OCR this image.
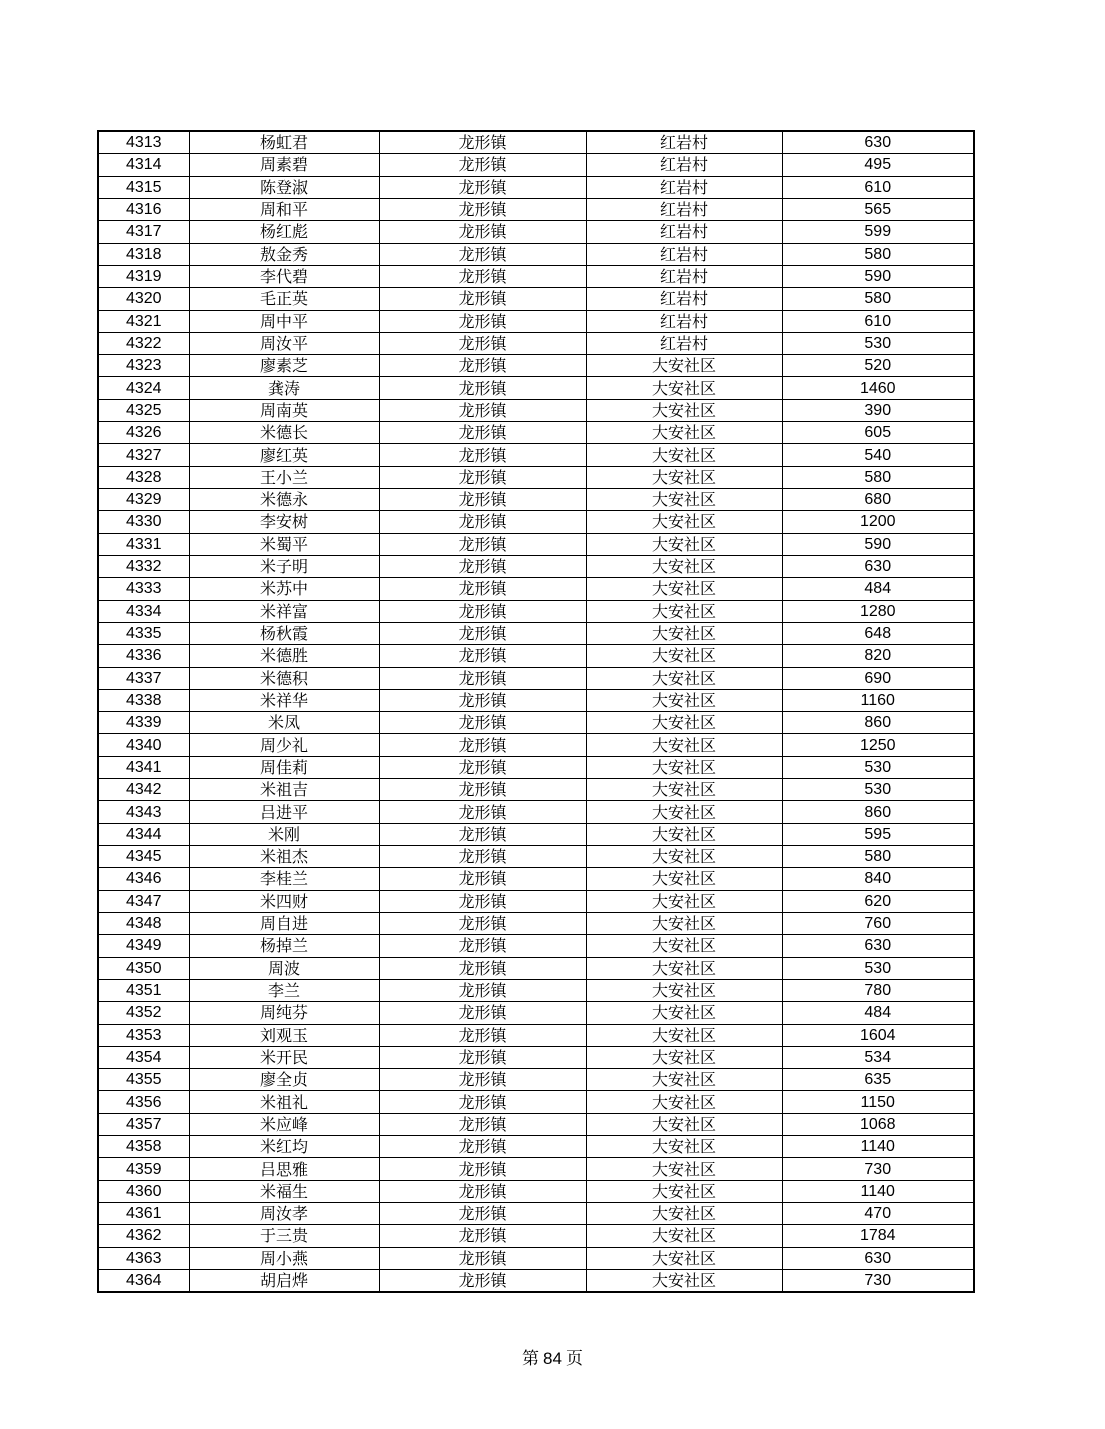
4313	杨虹君	龙形镇	红岩村	630
4314	周素碧	龙形镇	红岩村	495
4315	陈登淑	龙形镇	红岩村	610
4316	周和平	龙形镇	红岩村	565
4317	杨红彪	龙形镇	红岩村	599
4318	敖金秀	龙形镇	红岩村	580
4319	李代碧	龙形镇	红岩村	590
4320	毛正英	龙形镇	红岩村	580
4321	周中平	龙形镇	红岩村	610
4322	周汝平	龙形镇	红岩村	530
4323	廖素芝	龙形镇	大安社区	520
4324	龚涛	龙形镇	大安社区	1460
4325	周南英	龙形镇	大安社区	390
4326	米德长	龙形镇	大安社区	605
4327	廖红英	龙形镇	大安社区	540
4328	王小兰	龙形镇	大安社区	580
4329	米德永	龙形镇	大安社区	680
4330	李安树	龙形镇	大安社区	1200
4331	米蜀平	龙形镇	大安社区	590
4332	米子明	龙形镇	大安社区	630
4333	米苏中	龙形镇	大安社区	484
4334	米祥富	龙形镇	大安社区	1280
4335	杨秋霞	龙形镇	大安社区	648
4336	米德胜	龙形镇	大安社区	820
4337	米德积	龙形镇	大安社区	690
4338	米祥华	龙形镇	大安社区	1160
4339	米凤	龙形镇	大安社区	860
4340	周少礼	龙形镇	大安社区	1250
4341	周佳莉	龙形镇	大安社区	530
4342	米祖吉	龙形镇	大安社区	530
4343	吕进平	龙形镇	大安社区	860
4344	米刚	龙形镇	大安社区	595
4345	米祖杰	龙形镇	大安社区	580
4346	李桂兰	龙形镇	大安社区	840
4347	米四财	龙形镇	大安社区	620
4348	周自进	龙形镇	大安社区	760
4349	杨掉兰	龙形镇	大安社区	630
4350	周波	龙形镇	大安社区	530
4351	李兰	龙形镇	大安社区	780
4352	周纯芬	龙形镇	大安社区	484
4353	刘观玉	龙形镇	大安社区	1604
4354	米开民	龙形镇	大安社区	534
4355	廖全贞	龙形镇	大安社区	635
4356	米祖礼	龙形镇	大安社区	1150
4357	米应峰	龙形镇	大安社区	1068
4358	米红均	龙形镇	大安社区	1140
4359	吕思雅	龙形镇	大安社区	730
4360	米福生	龙形镇	大安社区	1140
4361	周汝孝	龙形镇	大安社区	470
4362	于三贵	龙形镇	大安社区	1784
4363	周小燕	龙形镇	大安社区	630
4364	胡启烨	龙形镇	大安社区	730
第 84 页
